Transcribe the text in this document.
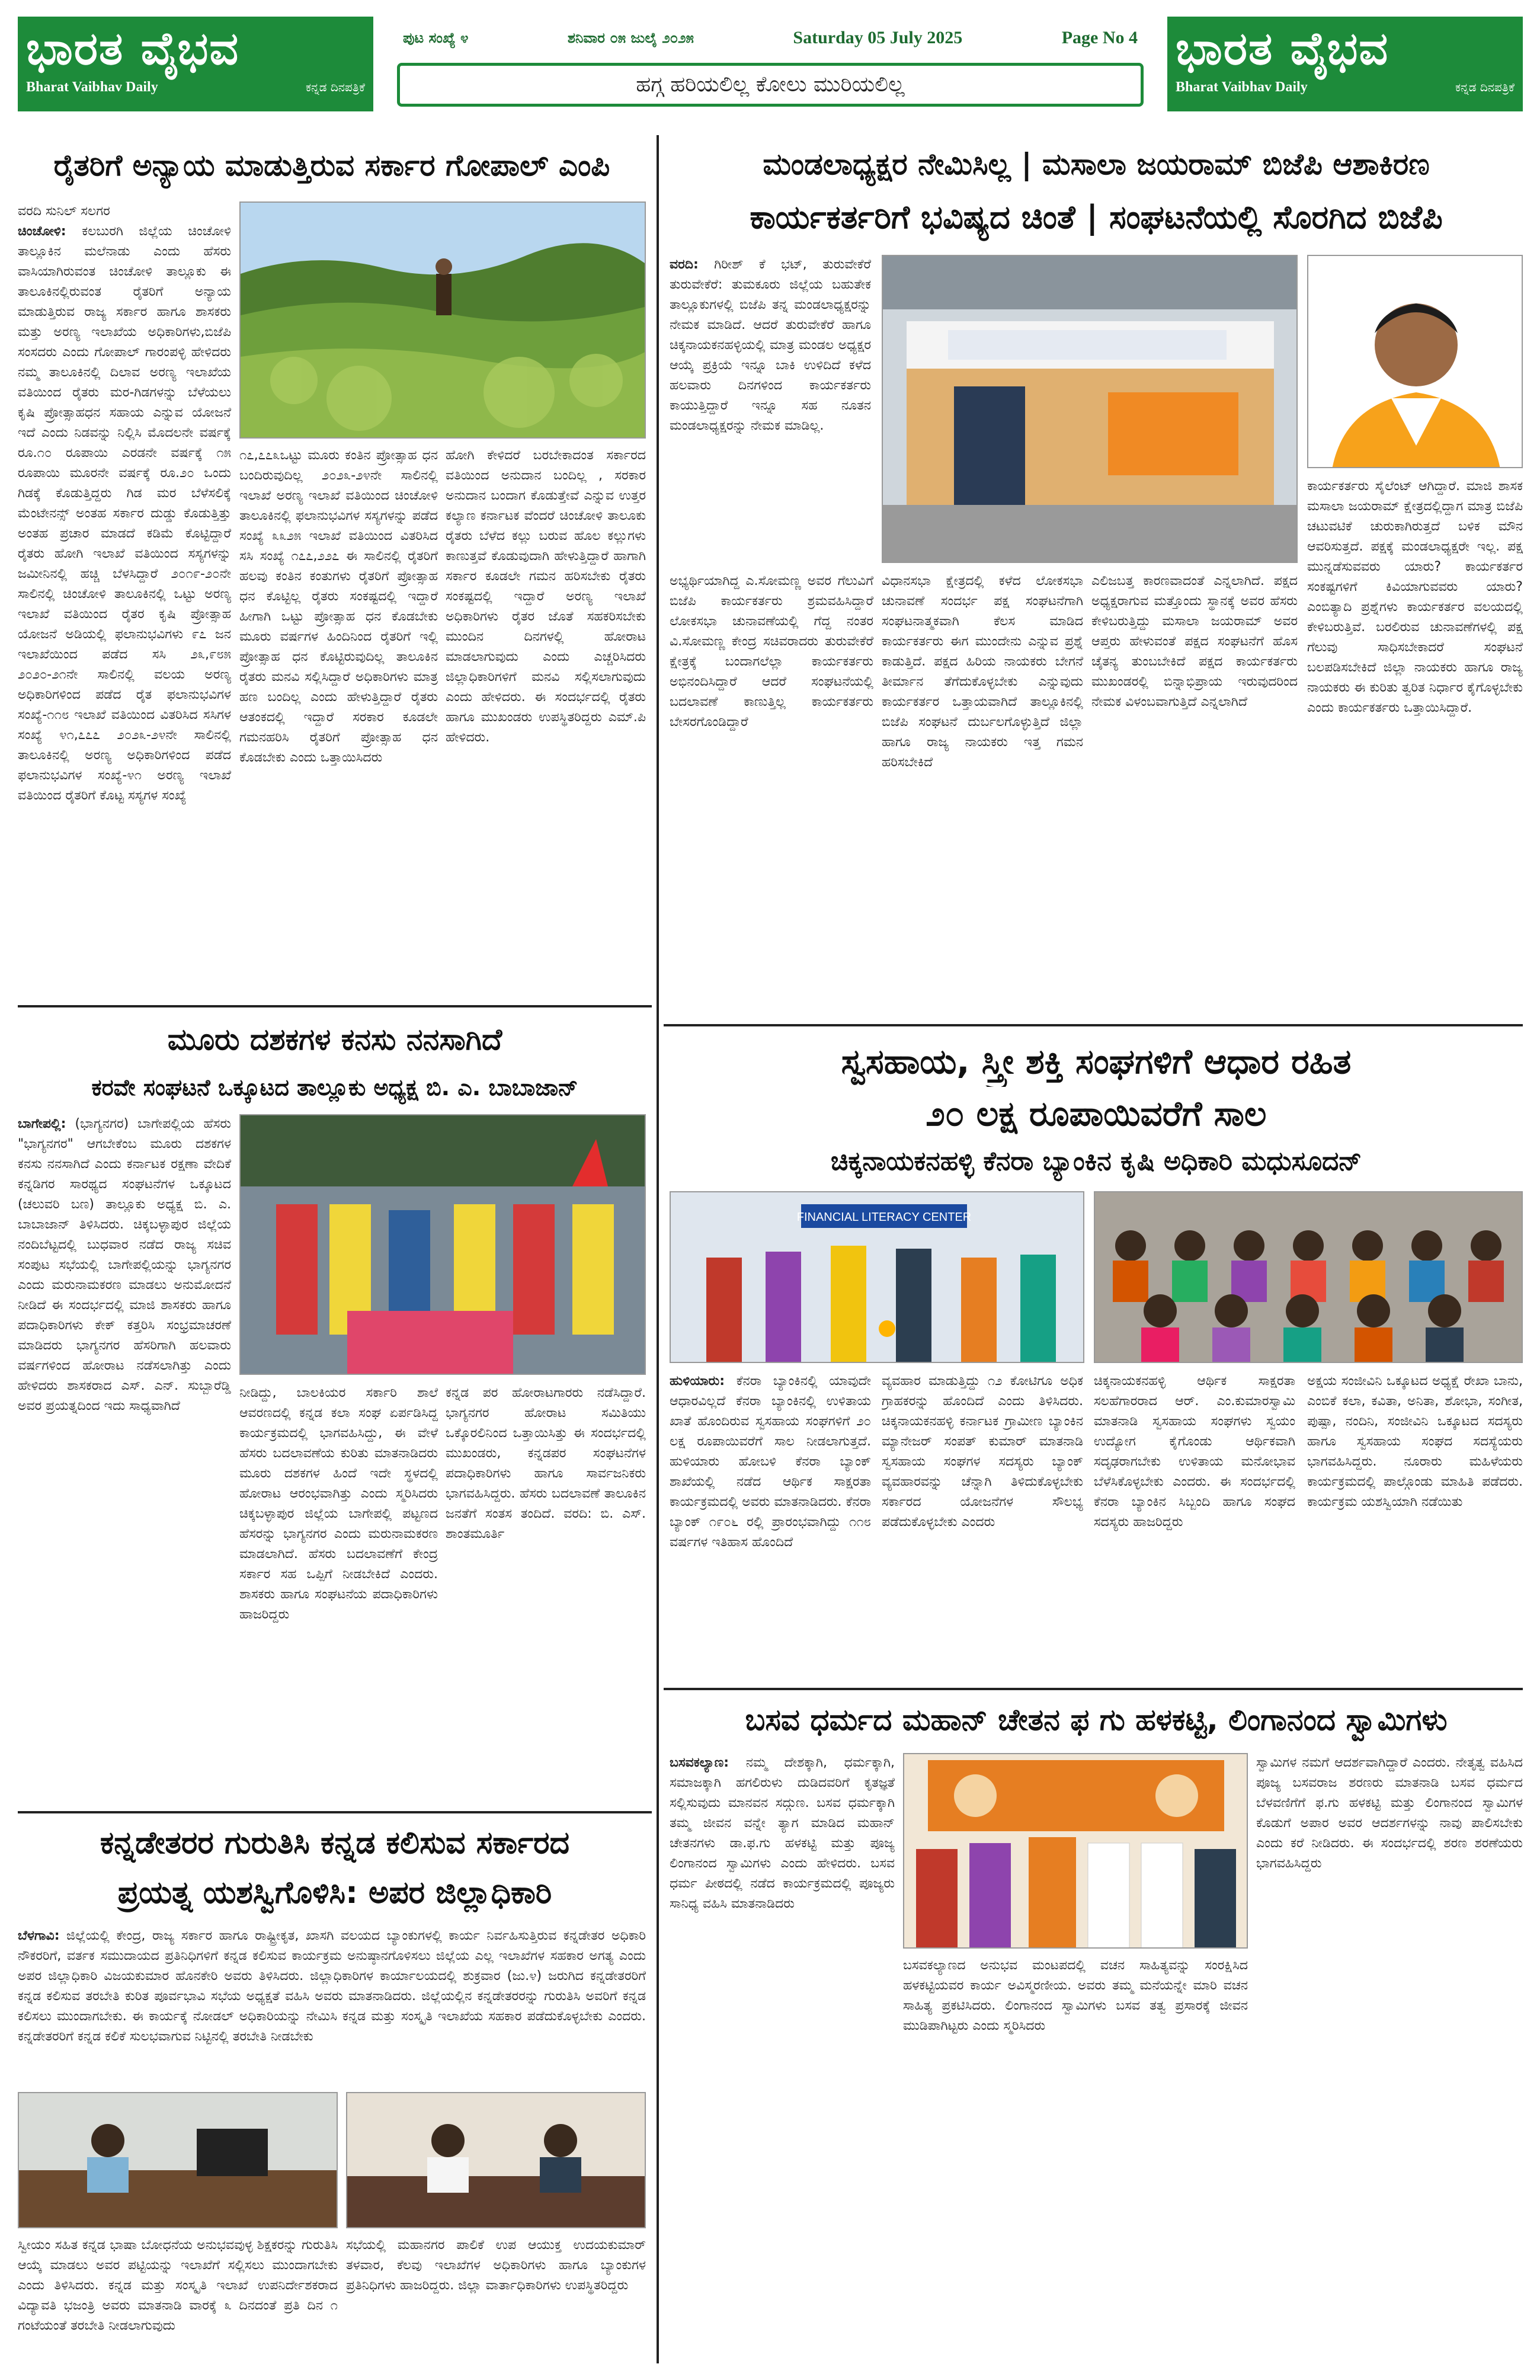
ಭಾರತ ವೈಭವ
Bharat Vaibhav Daily	ಕನ್ನಡ ದಿನಪತ್ರಿಕೆ
ಪುಟ ಸಂಖ್ಯೆ ೪	ಶನಿವಾರ ೦೫ ಜುಲೈ ೨೦೨೫	Saturday 05 July 2025	Page No 4
ಹಗ್ಗ ಹರಿಯಲಿಲ್ಲ ಕೋಲು ಮುರಿಯಲಿಲ್ಲ
ಭಾರತ ವೈಭವ
Bharat Vaibhav Daily	ಕನ್ನಡ ದಿನಪತ್ರಿಕೆ
ರೈತರಿಗೆ ಅನ್ಯಾಯ ಮಾಡುತ್ತಿರುವ ಸರ್ಕಾರ ಗೋಪಾಲ್ ಎಂಪಿ
ವರದಿ ಸುನಿಲ್ ಸಲಗರ
ಚಿಂಚೋಳಿ: ಕಲಬುರಗಿ ಜಿಲ್ಲೆಯ ಚಿಂಚೋಳಿ ತಾಲ್ಲೂಕಿನ ಮಲೆನಾಡು ಎಂದು ಹೆಸರು ವಾಸಿಯಾಗಿರುವಂತ ಚಿಂಚೋಳಿ ತಾಲ್ಲೂಕು ಈ ತಾಲೂಕಿನಲ್ಲಿರುವಂತ ರೈತರಿಗೆ ಅನ್ಯಾಯ ಮಾಡುತ್ತಿರುವ ರಾಜ್ಯ ಸರ್ಕಾರ ಹಾಗೂ ಶಾಸಕರು ಮತ್ತು ಅರಣ್ಯ ಇಲಾಖೆಯ ಅಧಿಕಾರಿಗಳು,ಬಿಜೆಪಿ ಸಂಸದರು ಎಂದು ಗೋಪಾಲ್ ಗಾರಂಪಳ್ಳಿ ಹೇಳಿದರು ನಮ್ಮ ತಾಲೂಕಿನಲ್ಲಿ ದಿಲಾವ ಅರಣ್ಯ ಇಲಾಖೆಯ ವತಿಯಿಂದ ರೈತರು ಮರ-ಗಿಡಗಳನ್ನು ಬೆಳೆಯಲು ಕೃಷಿ ಪ್ರೋತ್ಸಾಹಧನ ಸಹಾಯ ಎನ್ನುವ ಯೋಜನೆ ಇದೆ ಎಂದು ನಿಡವನ್ನು ನಿಲ್ಲಿಸಿ ಮೊದಲನೇ ವರ್ಷಕ್ಕೆ ರೂ.೧೦ ರೂಪಾಯಿ ಎರಡನೇ ವರ್ಷಕ್ಕೆ ೧೫ ರೂಪಾಯಿ ಮೂರನೇ ವರ್ಷಕ್ಕೆ ರೂ.೨೦ ಒಂದು ಗಿಡಕ್ಕೆ ಕೊಡುತ್ತಿದ್ದರು ಗಿಡ ಮರ ಬೆಳೆಸಲಿಕ್ಕೆ ಮೆಂಟೇನನ್ಸ್ ಅಂತಹ ಸರ್ಕಾರ ದುಡ್ಡು ಕೊಡುತ್ತಿತ್ತು ಅಂತಹ ಪ್ರಚಾರ ಮಾಡದೆ ಕಡಿಮೆ ಕೊಟ್ಟಿದ್ದಾರೆ ರೈತರು ಹೋಗಿ ಇಲಾಖೆ ವತಿಯಿಂದ ಸಸ್ಯಗಳನ್ನು ಜಮೀನಿನಲ್ಲಿ ಹಚ್ಚಿ ಬೆಳಸಿದ್ದಾರೆ ೨೦೧೯-೨೦ನೇ ಸಾಲಿನಲ್ಲಿ ಚಿಂಚೋಳಿ ತಾಲೂಕಿನಲ್ಲಿ ಒಟ್ಟು ಅರಣ್ಯ ಇಲಾಖೆ ವತಿಯಿಂದ ರೈತರ ಕೃಷಿ ಪ್ರೋತ್ಸಾಹ ಯೋಜನೆ ಅಡಿಯಲ್ಲಿ ಫಲಾನುಭವಿಗಳು ೯೭ ಜನ ಇಲಾಖೆಯಿಂದ ಪಡೆದ ಸಸಿ ೨೩,೯೮೫ ೨೦೨೦-೨೧ನೇ ಸಾಲಿನಲ್ಲಿ ವಲಯ ಅರಣ್ಯ ಅಧಿಕಾರಿಗಳಿಂದ ಪಡೆದ ರೈತ ಫಲಾನುಭವಿಗಳ ಸಂಖ್ಯೆ-೧೧೮ ಇಲಾಖೆ ವತಿಯಿಂದ ವಿತರಿಸಿದ ಸಸಿಗಳ ಸಂಖ್ಯೆ ೪೧,೭೭೭ ೨೦೨೩-೨೪ನೇ ಸಾಲಿನಲ್ಲಿ ತಾಲೂಕಿನಲ್ಲಿ ಅರಣ್ಯ ಅಧಿಕಾರಿಗಳಿಂದ ಪಡೆದ ಫಲಾನುಭವಿಗಳ ಸಂಖ್ಯೆ-೪೧ ಅರಣ್ಯ ಇಲಾಖೆ ವತಿಯಿಂದ ರೈತರಿಗೆ ಕೊಟ್ಟ ಸಸ್ಯಗಳ ಸಂಖ್ಯೆ
೧೭,೭೭೩ಒಟ್ಟು ಮೂರು ಕಂತಿನ ಪ್ರೋತ್ಸಾಹ ಧನ ಬಂದಿರುವುದಿಲ್ಲ ೨೦೨೩-೨೪ನೇ ಸಾಲಿನಲ್ಲಿ ಇಲಾಖೆ ಅರಣ್ಯ ಇಲಾಖೆ ವತಿಯಿಂದ ಚಿಂಚೋಳಿ ತಾಲೂಕಿನಲ್ಲಿ ಫಲಾನುಭವಿಗಳ ಸಸ್ಯಗಳನ್ನು ಪಡೆದ ಸಂಖ್ಯೆ ೩೩೨೫ ಇಲಾಖೆ ವತಿಯಿಂದ ವಿತರಿಸಿದ ಸಸಿ ಸಂಖ್ಯೆ ೧೭೭,೨೨೭ ಈ ಸಾಲಿನಲ್ಲಿ ರೈತರಿಗೆ ಹಲವು ಕಂತಿನ ಕಂತುಗಳು ರೈತರಿಗೆ ಪ್ರೋತ್ಸಾಹ ಧನ ಕೊಟ್ಟಿಲ್ಲ ರೈತರು ಸಂಕಷ್ಟದಲ್ಲಿ ಇದ್ದಾರೆ ಹೀಗಾಗಿ ಒಟ್ಟು ಪ್ರೋತ್ಸಾಹ ಧನ ಕೊಡಬೇಕು ಮೂರು ವರ್ಷಗಳ ಹಿಂದಿನಿಂದ ರೈತರಿಗೆ ಇಲ್ಲಿ ಪ್ರೋತ್ಸಾಹ ಧನ ಕೊಟ್ಟಿರುವುದಿಲ್ಲ ತಾಲೂಕಿನ ರೈತರು ಮನವಿ ಸಲ್ಲಿಸಿದ್ದಾರೆ ಅಧಿಕಾರಿಗಳು ಮಾತ್ರ ಹಣ ಬಂದಿಲ್ಲ ಎಂದು ಹೇಳುತ್ತಿದ್ದಾರೆ ರೈತರು ಆತಂಕದಲ್ಲಿ ಇದ್ದಾರೆ ಸರಕಾರ ಕೂಡಲೇ ಗಮನಹರಿಸಿ ರೈತರಿಗೆ ಪ್ರೋತ್ಸಾಹ ಧನ ಕೊಡಬೇಕು ಎಂದು ಒತ್ತಾಯಿಸಿದರು
ಹೋಗಿ ಕೇಳಿದರೆ ಬರಬೇಕಾದಂತ ಸರ್ಕಾರದ ವತಿಯಿಂದ ಅನುದಾನ ಬಂದಿಲ್ಲ , ಸರಕಾರ ಅನುದಾನ ಬಂದಾಗ ಕೊಡುತ್ತೇವೆ ಎನ್ನುವ ಉತ್ತರ ಕಲ್ಯಾಣ ಕರ್ನಾಟಕ ವೆಂದರೆ ಚಿಂಚೋಳಿ ತಾಲೂಕು ರೈತರು ಬೆಳೆದ ಕಲ್ಲು ಬರುವ ಹೊಲ ಕಲ್ಲುಗಳು ಕಾಣುತ್ತವೆ ಕೊಡುವುದಾಗಿ ಹೇಳುತ್ತಿದ್ದಾರೆ ಹಾಗಾಗಿ ಸರ್ಕಾರ ಕೂಡಲೇ ಗಮನ ಹರಿಸಬೇಕು ರೈತರು ಸಂಕಷ್ಟದಲ್ಲಿ ಇದ್ದಾರೆ ಅರಣ್ಯ ಇಲಾಖೆ ಅಧಿಕಾರಿಗಳು ರೈತರ ಜೊತೆ ಸಹಕರಿಸಬೇಕು ಮುಂದಿನ ದಿನಗಳಲ್ಲಿ ಹೋರಾಟ ಮಾಡಲಾಗುವುದು ಎಂದು ಎಚ್ಚರಿಸಿದರು ಜಿಲ್ಲಾಧಿಕಾರಿಗಳಿಗೆ ಮನವಿ ಸಲ್ಲಿಸಲಾಗುವುದು ಎಂದು ಹೇಳಿದರು. ಈ ಸಂದರ್ಭದಲ್ಲಿ ರೈತರು ಹಾಗೂ ಮುಖಂಡರು ಉಪಸ್ಥಿತರಿದ್ದರು ಎಮ್.ಪಿ ಹೇಳಿದರು.
ಮಂಡಲಾಧ್ಯಕ್ಷರ ನೇಮಿಸಿಲ್ಲ | ಮಸಾಲಾ ಜಯರಾಮ್ ಬಿಜೆಪಿ ಆಶಾಕಿರಣ
ಕಾರ್ಯಕರ್ತರಿಗೆ ಭವಿಷ್ಯದ ಚಿಂತೆ | ಸಂಘಟನೆಯಲ್ಲಿ ಸೊರಗಿದ ಬಿಜೆಪಿ
ವರದಿ: ಗಿರೀಶ್ ಕೆ ಭಟ್, ತುರುವೇಕೆರೆ ತುರುವೇಕೆರೆ: ತುಮಕೂರು ಜಿಲ್ಲೆಯ ಬಹುತೇಕ ತಾಲ್ಲೂಕುಗಳಲ್ಲಿ ಬಿಜೆಪಿ ತನ್ನ ಮಂಡಲಾಧ್ಯಕ್ಷರನ್ನು ನೇಮಕ ಮಾಡಿದೆ. ಆದರೆ ತುರುವೇಕೆರೆ ಹಾಗೂ ಚಿಕ್ಕನಾಯಕನಹಳ್ಳಿಯಲ್ಲಿ ಮಾತ್ರ ಮಂಡಲ ಅಧ್ಯಕ್ಷರ ಆಯ್ಕೆ ಪ್ರಕ್ರಿಯೆ ಇನ್ನೂ ಬಾಕಿ ಉಳಿದಿದೆ ಕಳೆದ ಹಲವಾರು ದಿನಗಳಿಂದ ಕಾರ್ಯಕರ್ತರು ಕಾಯುತ್ತಿದ್ದಾರೆ ಇನ್ನೂ ಸಹ ನೂತನ ಮಂಡಲಾಧ್ಯಕ್ಷರನ್ನು ನೇಮಕ ಮಾಡಿಲ್ಲ.
ವಿಧಾನಸಭಾ ಕ್ಷೇತ್ರದಲ್ಲಿ ಕಳೆದ ಲೋಕಸಭಾ ಚುನಾವಣೆ ಸಂದರ್ಭ ಪಕ್ಷ ಸಂಘಟನೆಗಾಗಿ ಸಂಘಟನಾತ್ಮಕವಾಗಿ ಕೆಲಸ ಮಾಡಿದ ಕಾರ್ಯಕರ್ತರು ಈಗ ಮುಂದೇನು ಎನ್ನುವ ಪ್ರಶ್ನೆ ಕಾಡುತ್ತಿದೆ. ಪಕ್ಷದ ಹಿರಿಯ ನಾಯಕರು ಬೇಗನೆ ತೀರ್ಮಾನ ತೆಗೆದುಕೊಳ್ಳಬೇಕು ಎನ್ನುವುದು ಕಾರ್ಯಕರ್ತರ ಒತ್ತಾಯವಾಗಿದೆ ತಾಲ್ಲೂಕಿನಲ್ಲಿ ಬಿಜೆಪಿ ಸಂಘಟನೆ ದುರ್ಬಲಗೊಳ್ಳುತ್ತಿದೆ ಜಿಲ್ಲಾ ಹಾಗೂ ರಾಜ್ಯ ನಾಯಕರು ಇತ್ತ ಗಮನ ಹರಿಸಬೇಕಿದೆ
ಎಲಿಜಬತ್ತ ಕಾರಣವಾದಂತೆ ಎನ್ನಲಾಗಿದೆ. ಪಕ್ಷದ ಅಧ್ಯಕ್ಷರಾಗುವ ಮತ್ತೊಂದು ಸ್ಥಾನಕ್ಕೆ ಅವರ ಹೆಸರು ಕೇಳಿಬರುತ್ತಿದ್ದು ಮಸಾಲಾ ಜಯರಾಮ್ ಅವರ ಆಪ್ತರು ಹೇಳುವಂತೆ ಪಕ್ಷದ ಸಂಘಟನೆಗೆ ಹೊಸ ಚೈತನ್ಯ ತುಂಬಬೇಕಿದೆ ಪಕ್ಷದ ಕಾರ್ಯಕರ್ತರು ಮುಖಂಡರಲ್ಲಿ ಬಿನ್ನಾಭಿಪ್ರಾಯ ಇರುವುದರಿಂದ ನೇಮಕ ವಿಳಂಬವಾಗುತ್ತಿದೆ ಎನ್ನಲಾಗಿದೆ
ಅಭ್ಯರ್ಥಿಯಾಗಿದ್ದ ಎ.ಸೋಮಣ್ಣ ಅವರ ಗೆಲುವಿಗೆ ಬಿಜೆಪಿ ಕಾರ್ಯಕರ್ತರು ಶ್ರಮವಹಿಸಿದ್ದಾರೆ ಲೋಕಸಭಾ ಚುನಾವಣೆಯಲ್ಲಿ ಗೆದ್ದ ನಂತರ ವಿ.ಸೋಮಣ್ಣ ಕೇಂದ್ರ ಸಚಿವರಾದರು ತುರುವೇಕೆರೆ ಕ್ಷೇತ್ರಕ್ಕೆ ಬಂದಾಗಲೆಲ್ಲಾ ಕಾರ್ಯಕರ್ತರು ಅಭಿನಂದಿಸಿದ್ದಾರೆ ಆದರೆ ಸಂಘಟನೆಯಲ್ಲಿ ಬದಲಾವಣೆ ಕಾಣುತ್ತಿಲ್ಲ ಕಾರ್ಯಕರ್ತರು ಬೇಸರಗೊಂಡಿದ್ದಾರೆ
ಕಾರ್ಯಕರ್ತರು ಸೈಲೆಂಟ್ ಆಗಿದ್ದಾರೆ. ಮಾಜಿ ಶಾಸಕ ಮಸಾಲಾ ಜಯರಾಮ್ ಕ್ಷೇತ್ರದಲ್ಲಿದ್ದಾಗ ಮಾತ್ರ ಬಿಜೆಪಿ ಚಟುವಟಿಕೆ ಚುರುಕಾಗಿರುತ್ತದೆ ಬಳಿಕ ಮೌನ ಆವರಿಸುತ್ತದೆ. ಪಕ್ಷಕ್ಕೆ ಮಂಡಲಾಧ್ಯಕ್ಷರೇ ಇಲ್ಲ. ಪಕ್ಷ ಮುನ್ನಡೆಸುವವರು ಯಾರು? ಕಾರ್ಯಕರ್ತರ ಸಂಕಷ್ಟಗಳಿಗೆ ಕಿವಿಯಾಗುವವರು ಯಾರು? ಎಂಬಿತ್ಯಾದಿ ಪ್ರಶ್ನೆಗಳು ಕಾರ್ಯಕರ್ತರ ವಲಯದಲ್ಲಿ ಕೇಳಿಬರುತ್ತಿವೆ. ಬರಲಿರುವ ಚುನಾವಣೆಗಳಲ್ಲಿ ಪಕ್ಷ ಗೆಲುವು ಸಾಧಿಸಬೇಕಾದರೆ ಸಂಘಟನೆ ಬಲಪಡಿಸಬೇಕಿದೆ ಜಿಲ್ಲಾ ನಾಯಕರು ಹಾಗೂ ರಾಜ್ಯ ನಾಯಕರು ಈ ಕುರಿತು ತ್ವರಿತ ನಿರ್ಧಾರ ಕೈಗೊಳ್ಳಬೇಕು ಎಂದು ಕಾರ್ಯಕರ್ತರು ಒತ್ತಾಯಿಸಿದ್ದಾರೆ.
ಮೂರು ದಶಕಗಳ ಕನಸು ನನಸಾಗಿದೆ
ಕರವೇ ಸಂಘಟನೆ ಒಕ್ಕೂಟದ ತಾಲ್ಲೂಕು ಅಧ್ಯಕ್ಷ ಬಿ. ಎ. ಬಾಬಾಜಾನ್
ಬಾಗೇಪಲ್ಲಿ: (ಭಾಗ್ಯನಗರ) ಬಾಗೇಪಲ್ಲಿಯ ಹೆಸರು "ಭಾಗ್ಯನಗರ" ಆಗಬೇಕೆಂಬ ಮೂರು ದಶಕಗಳ ಕನಸು ನನಸಾಗಿದೆ ಎಂದು ಕರ್ನಾಟಕ ರಕ್ಷಣಾ ವೇದಿಕೆ ಕನ್ನಡಿಗರ ಸಾರಥ್ಯದ ಸಂಘಟನೆಗಳ ಒಕ್ಕೂಟದ (ಚಲುವರಿ ಬಣ) ತಾಲ್ಲೂಕು ಅಧ್ಯಕ್ಷ ಬಿ. ಎ. ಬಾಬಾಜಾನ್ ತಿಳಿಸಿದರು. ಚಿಕ್ಕಬಳ್ಳಾಪುರ ಜಿಲ್ಲೆಯ ನಂದಿಬೆಟ್ಟದಲ್ಲಿ ಬುಧವಾರ ನಡೆದ ರಾಜ್ಯ ಸಚಿವ ಸಂಪುಟ ಸಭೆಯಲ್ಲಿ ಬಾಗೇಪಲ್ಲಿಯನ್ನು ಭಾಗ್ಯನಗರ ಎಂದು ಮರುನಾಮಕರಣ ಮಾಡಲು ಅನುಮೋದನೆ ನೀಡಿದೆ ಈ ಸಂದರ್ಭದಲ್ಲಿ ಮಾಜಿ ಶಾಸಕರು ಹಾಗೂ ಪದಾಧಿಕಾರಿಗಳು ಕೇಕ್ ಕತ್ತರಿಸಿ ಸಂಭ್ರಮಾಚರಣೆ ಮಾಡಿದರು ಭಾಗ್ಯನಗರ ಹೆಸರಿಗಾಗಿ ಹಲವಾರು ವರ್ಷಗಳಿಂದ ಹೋರಾಟ ನಡೆಸಲಾಗಿತ್ತು ಎಂದು ಹೇಳಿದರು ಶಾಸಕರಾದ ಎಸ್. ಎನ್. ಸುಬ್ಬಾರೆಡ್ಡಿ ಅವರ ಪ್ರಯತ್ನದಿಂದ ಇದು ಸಾಧ್ಯವಾಗಿದೆ
ನೀಡಿದ್ದು, ಬಾಲಕಿಯರ ಸರ್ಕಾರಿ ಶಾಲೆ ಆವರಣದಲ್ಲಿ ಕನ್ನಡ ಕಲಾ ಸಂಘ ಏರ್ಪಡಿಸಿದ್ದ ಕಾರ್ಯಕ್ರಮದಲ್ಲಿ ಭಾಗವಹಿಸಿದ್ದು, ಈ ವೇಳೆ ಹೆಸರು ಬದಲಾವಣೆಯ ಕುರಿತು ಮಾತನಾಡಿದರು ಮೂರು ದಶಕಗಳ ಹಿಂದೆ ಇದೇ ಸ್ಥಳದಲ್ಲಿ ಹೋರಾಟ ಆರಂಭವಾಗಿತ್ತು ಎಂದು ಸ್ಮರಿಸಿದರು ಚಿಕ್ಕಬಳ್ಳಾಪುರ ಜಿಲ್ಲೆಯ ಬಾಗೇಪಲ್ಲಿ ಪಟ್ಟಣದ ಹೆಸರನ್ನು ಭಾಗ್ಯನಗರ ಎಂದು ಮರುನಾಮಕರಣ ಮಾಡಲಾಗಿದೆ. ಹೆಸರು ಬದಲಾವಣೆಗೆ ಕೇಂದ್ರ ಸರ್ಕಾರ ಸಹ ಒಪ್ಪಿಗೆ ನೀಡಬೇಕಿದೆ ಎಂದರು. ಶಾಸಕರು ಹಾಗೂ ಸಂಘಟನೆಯ ಪದಾಧಿಕಾರಿಗಳು ಹಾಜರಿದ್ದರು
ಕನ್ನಡ ಪರ ಹೋರಾಟಗಾರರು ನಡೆಸಿದ್ದಾರೆ. ಭಾಗ್ಯನಗರ ಹೋರಾಟ ಸಮಿತಿಯು ಒಕ್ಕೊರಲಿನಿಂದ ಒತ್ತಾಯಿಸಿತ್ತು ಈ ಸಂದರ್ಭದಲ್ಲಿ ಮುಖಂಡರು, ಕನ್ನಡಪರ ಸಂಘಟನೆಗಳ ಪದಾಧಿಕಾರಿಗಳು ಹಾಗೂ ಸಾರ್ವಜನಿಕರು ಭಾಗವಹಿಸಿದ್ದರು. ಹೆಸರು ಬದಲಾವಣೆ ತಾಲೂಕಿನ ಜನತೆಗೆ ಸಂತಸ ತಂದಿದೆ. ವರದಿ: ಬಿ. ಎಸ್. ಶಾಂತಮೂರ್ತಿ
ಸ್ವಸಹಾಯ, ಸ್ತ್ರೀ ಶಕ್ತಿ ಸಂಘಗಳಿಗೆ ಆಧಾರ ರಹಿತ
೨೦ ಲಕ್ಷ ರೂಪಾಯಿವರೆಗೆ ಸಾಲ
ಚಿಕ್ಕನಾಯಕನಹಳ್ಳಿ ಕೆನರಾ ಬ್ಯಾಂಕಿನ ಕೃಷಿ ಅಧಿಕಾರಿ ಮಧುಸೂದನ್
FINANCIAL LITERACY CENTER
ಹುಳಿಯಾರು: ಕೆನರಾ ಬ್ಯಾಂಕಿನಲ್ಲಿ ಯಾವುದೇ ಆಧಾರವಿಲ್ಲದೆ ಕೆನರಾ ಬ್ಯಾಂಕಿನಲ್ಲಿ ಉಳಿತಾಯ ಖಾತೆ ಹೊಂದಿರುವ ಸ್ವಸಹಾಯ ಸಂಘಗಳಿಗೆ ೨೦ ಲಕ್ಷ ರೂಪಾಯಿವರೆಗೆ ಸಾಲ ನೀಡಲಾಗುತ್ತದೆ. ಹುಳಿಯಾರು ಹೋಬಳಿ ಕೆನರಾ ಬ್ಯಾಂಕ್ ಶಾಖೆಯಲ್ಲಿ ನಡೆದ ಆರ್ಥಿಕ ಸಾಕ್ಷರತಾ ಕಾರ್ಯಕ್ರಮದಲ್ಲಿ ಅವರು ಮಾತನಾಡಿದರು. ಕೆನರಾ ಬ್ಯಾಂಕ್ ೧೯೦೬ ರಲ್ಲಿ ಪ್ರಾರಂಭವಾಗಿದ್ದು ೧೧೮ ವರ್ಷಗಳ ಇತಿಹಾಸ ಹೊಂದಿದೆ
ವ್ಯವಹಾರ ಮಾಡುತ್ತಿದ್ದು ೧೨ ಕೋಟಿಗೂ ಅಧಿಕ ಗ್ರಾಹಕರನ್ನು ಹೊಂದಿದೆ ಎಂದು ತಿಳಿಸಿದರು. ಚಿಕ್ಕನಾಯಕನಹಳ್ಳಿ ಕರ್ನಾಟಕ ಗ್ರಾಮೀಣ ಬ್ಯಾಂಕಿನ ಮ್ಯಾನೇಜರ್ ಸಂಪತ್ ಕುಮಾರ್ ಮಾತನಾಡಿ ಸ್ವಸಹಾಯ ಸಂಘಗಳ ಸದಸ್ಯರು ಬ್ಯಾಂಕ್ ವ್ಯವಹಾರವನ್ನು ಚೆನ್ನಾಗಿ ತಿಳಿದುಕೊಳ್ಳಬೇಕು ಸರ್ಕಾರದ ಯೋಜನೆಗಳ ಸೌಲಭ್ಯ ಪಡೆದುಕೊಳ್ಳಬೇಕು ಎಂದರು
ಚಿಕ್ಕನಾಯಕನಹಳ್ಳಿ ಆರ್ಥಿಕ ಸಾಕ್ಷರತಾ ಸಲಹೆಗಾರರಾದ ಆರ್. ಎಂ.ಕುಮಾರಸ್ವಾಮಿ ಮಾತನಾಡಿ ಸ್ವಸಹಾಯ ಸಂಘಗಳು ಸ್ವಯಂ ಉದ್ಯೋಗ ಕೈಗೊಂಡು ಆರ್ಥಿಕವಾಗಿ ಸದೃಢರಾಗಬೇಕು ಉಳಿತಾಯ ಮನೋಭಾವ ಬೆಳೆಸಿಕೊಳ್ಳಬೇಕು ಎಂದರು. ಈ ಸಂದರ್ಭದಲ್ಲಿ ಕೆನರಾ ಬ್ಯಾಂಕಿನ ಸಿಬ್ಬಂದಿ ಹಾಗೂ ಸಂಘದ ಸದಸ್ಯರು ಹಾಜರಿದ್ದರು
ಅಕ್ಷಯ ಸಂಜೀವಿನಿ ಒಕ್ಕೂಟದ ಅಧ್ಯಕ್ಷೆ ರೇಖಾ ಬಾನು, ಎಂಬಿಕೆ ಕಲಾ, ಕವಿತಾ, ಅನಿತಾ, ಶೋಭಾ, ಸಂಗೀತ, ಪುಷ್ಪಾ, ನಂದಿನಿ, ಸಂಜೀವಿನಿ ಒಕ್ಕೂಟದ ಸದಸ್ಯರು ಹಾಗೂ ಸ್ವಸಹಾಯ ಸಂಘದ ಸದಸ್ಯೆಯರು ಭಾಗವಹಿಸಿದ್ದರು. ನೂರಾರು ಮಹಿಳೆಯರು ಕಾರ್ಯಕ್ರಮದಲ್ಲಿ ಪಾಲ್ಗೊಂಡು ಮಾಹಿತಿ ಪಡೆದರು. ಕಾರ್ಯಕ್ರಮ ಯಶಸ್ವಿಯಾಗಿ ನಡೆಯಿತು
ಬಸವ ಧರ್ಮದ ಮಹಾನ್ ಚೇತನ ಫ ಗು ಹಳಕಟ್ಟಿ, ಲಿಂಗಾನಂದ ಸ್ವಾಮಿಗಳು
ಬಸವಕಲ್ಯಾಣ: ನಮ್ಮ ದೇಶಕ್ಕಾಗಿ, ಧರ್ಮಕ್ಕಾಗಿ, ಸಮಾಜಕ್ಕಾಗಿ ಹಗಲಿರುಳು ದುಡಿದವರಿಗೆ ಕೃತಜ್ಞತೆ ಸಲ್ಲಿಸುವುದು ಮಾನವನ ಸದ್ಗುಣ. ಬಸವ ಧರ್ಮಕ್ಕಾಗಿ ತಮ್ಮ ಜೀವನ ವನ್ನೇ ತ್ಯಾಗ ಮಾಡಿದ ಮಹಾನ್ ಚೇತನಗಳು ಡಾ.ಫ.ಗು ಹಳಕಟ್ಟಿ ಮತ್ತು ಪೂಜ್ಯ ಲಿಂಗಾನಂದ ಸ್ವಾಮಿಗಳು ಎಂದು ಹೇಳಿದರು. ಬಸವ ಧರ್ಮ ಪೀಠದಲ್ಲಿ ನಡೆದ ಕಾರ್ಯಕ್ರಮದಲ್ಲಿ ಪೂಜ್ಯರು ಸಾನಿಧ್ಯ ವಹಿಸಿ ಮಾತನಾಡಿದರು
ಬಸವಕಲ್ಯಾಣದ ಅನುಭವ ಮಂಟಪದಲ್ಲಿ ವಚನ ಸಾಹಿತ್ಯವನ್ನು ಸಂರಕ್ಷಿಸಿದ ಹಳಕಟ್ಟಿಯವರ ಕಾರ್ಯ ಅವಿಸ್ಮರಣೀಯ. ಅವರು ತಮ್ಮ ಮನೆಯನ್ನೇ ಮಾರಿ ವಚನ ಸಾಹಿತ್ಯ ಪ್ರಕಟಿಸಿದರು. ಲಿಂಗಾನಂದ ಸ್ವಾಮಿಗಳು ಬಸವ ತತ್ವ ಪ್ರಸಾರಕ್ಕೆ ಜೀವನ ಮುಡಿಪಾಗಿಟ್ಟರು ಎಂದು ಸ್ಮರಿಸಿದರು
ಸ್ವಾಮಿಗಳ ನಮಗೆ ಆದರ್ಶವಾಗಿದ್ದಾರೆ ಎಂದರು. ನೇತೃತ್ವ ವಹಿಸಿದ ಪೂಜ್ಯ ಬಸವರಾಜ ಶರಣರು ಮಾತನಾಡಿ ಬಸವ ಧರ್ಮದ ಬೆಳವಣಿಗೆಗೆ ಫ.ಗು ಹಳಕಟ್ಟಿ ಮತ್ತು ಲಿಂಗಾನಂದ ಸ್ವಾಮಿಗಳ ಕೊಡುಗೆ ಅಪಾರ ಅವರ ಆದರ್ಶಗಳನ್ನು ನಾವು ಪಾಲಿಸಬೇಕು ಎಂದು ಕರೆ ನೀಡಿದರು. ಈ ಸಂದರ್ಭದಲ್ಲಿ ಶರಣ ಶರಣೆಯರು ಭಾಗವಹಿಸಿದ್ದರು
ಕನ್ನಡೇತರರ ಗುರುತಿಸಿ ಕನ್ನಡ ಕಲಿಸುವ ಸರ್ಕಾರದ
ಪ್ರಯತ್ನ ಯಶಸ್ವಿಗೊಳಿಸಿ: ಅಪರ ಜಿಲ್ಲಾಧಿಕಾರಿ
ಬೆಳಗಾವಿ: ಜಿಲ್ಲೆಯಲ್ಲಿ ಕೇಂದ್ರ, ರಾಜ್ಯ ಸರ್ಕಾರ ಹಾಗೂ ರಾಷ್ಟ್ರೀಕೃತ, ಖಾಸಗಿ ವಲಯದ ಬ್ಯಾಂಕುಗಳಲ್ಲಿ ಕಾರ್ಯ ನಿರ್ವಹಿಸುತ್ತಿರುವ ಕನ್ನಡೇತರ ಅಧಿಕಾರಿ ನೌಕರರಿಗೆ, ವರ್ತಕ ಸಮುದಾಯದ ಪ್ರತಿನಿಧಿಗಳಿಗೆ ಕನ್ನಡ ಕಲಿಸುವ ಕಾರ್ಯಕ್ರಮ ಅನುಷ್ಠಾನಗೊಳಿಸಲು ಜಿಲ್ಲೆಯ ಎಲ್ಲ ಇಲಾಖೆಗಳ ಸಹಕಾರ ಅಗತ್ಯ ಎಂದು ಅಪರ ಜಿಲ್ಲಾಧಿಕಾರಿ ವಿಜಯಕುಮಾರ ಹೊನಕೇರಿ ಅವರು ತಿಳಿಸಿದರು. ಜಿಲ್ಲಾಧಿಕಾರಿಗಳ ಕಾರ್ಯಾಲಯದಲ್ಲಿ ಶುಕ್ರವಾರ (ಜು.೪) ಜರುಗಿದ ಕನ್ನಡೇತರರಿಗೆ ಕನ್ನಡ ಕಲಿಸುವ ತರಬೇತಿ ಕುರಿತ ಪೂರ್ವಭಾವಿ ಸಭೆಯ ಅಧ್ಯಕ್ಷತೆ ವಹಿಸಿ ಅವರು ಮಾತನಾಡಿದರು. ಜಿಲ್ಲೆಯಲ್ಲಿನ ಕನ್ನಡೇತರರನ್ನು ಗುರುತಿಸಿ ಅವರಿಗೆ ಕನ್ನಡ ಕಲಿಸಲು ಮುಂದಾಗಬೇಕು. ಈ ಕಾರ್ಯಕ್ಕೆ ನೋಡಲ್ ಅಧಿಕಾರಿಯನ್ನು ನೇಮಿಸಿ ಕನ್ನಡ ಮತ್ತು ಸಂಸ್ಕೃತಿ ಇಲಾಖೆಯ ಸಹಕಾರ ಪಡೆದುಕೊಳ್ಳಬೇಕು ಎಂದರು. ಕನ್ನಡೇತರರಿಗೆ ಕನ್ನಡ ಕಲಿಕೆ ಸುಲಭವಾಗುವ ನಿಟ್ಟಿನಲ್ಲಿ ತರಬೇತಿ ನೀಡಬೇಕು
ಸ್ವೀಯಂ ಸಹಿತ ಕನ್ನಡ ಭಾಷಾ ಬೋಧನೆಯ ಅನುಭವವುಳ್ಳ ಶಿಕ್ಷಕರನ್ನು ಗುರುತಿಸಿ ಆಯ್ಕೆ ಮಾಡಲು ಅವರ ಪಟ್ಟಿಯನ್ನು ಇಲಾಖೆಗೆ ಸಲ್ಲಿಸಲು ಮುಂದಾಗಬೇಕು ಎಂದು ತಿಳಿಸಿದರು. ಕನ್ನಡ ಮತ್ತು ಸಂಸ್ಕೃತಿ ಇಲಾಖೆ ಉಪನಿರ್ದೇಶಕರಾದ ವಿದ್ಯಾವತಿ ಭಜಂತ್ರಿ ಅವರು ಮಾತನಾಡಿ ವಾರಕ್ಕೆ ೩ ದಿನದಂತೆ ಪ್ರತಿ ದಿನ ೧ ಗಂಟೆಯಂತೆ ತರಬೇತಿ ನೀಡಲಾಗುವುದು
ಸಭೆಯಲ್ಲಿ ಮಹಾನಗರ ಪಾಲಿಕೆ ಉಪ ಆಯುಕ್ತ ಉದಯಕುಮಾರ್ ತಳವಾರ, ಕೆಲವು ಇಲಾಖೆಗಳ ಅಧಿಕಾರಿಗಳು ಹಾಗೂ ಬ್ಯಾಂಕುಗಳ ಪ್ರತಿನಿಧಿಗಳು ಹಾಜರಿದ್ದರು. ಜಿಲ್ಲಾ ವಾರ್ತಾಧಿಕಾರಿಗಳು ಉಪಸ್ಥಿತರಿದ್ದರು
